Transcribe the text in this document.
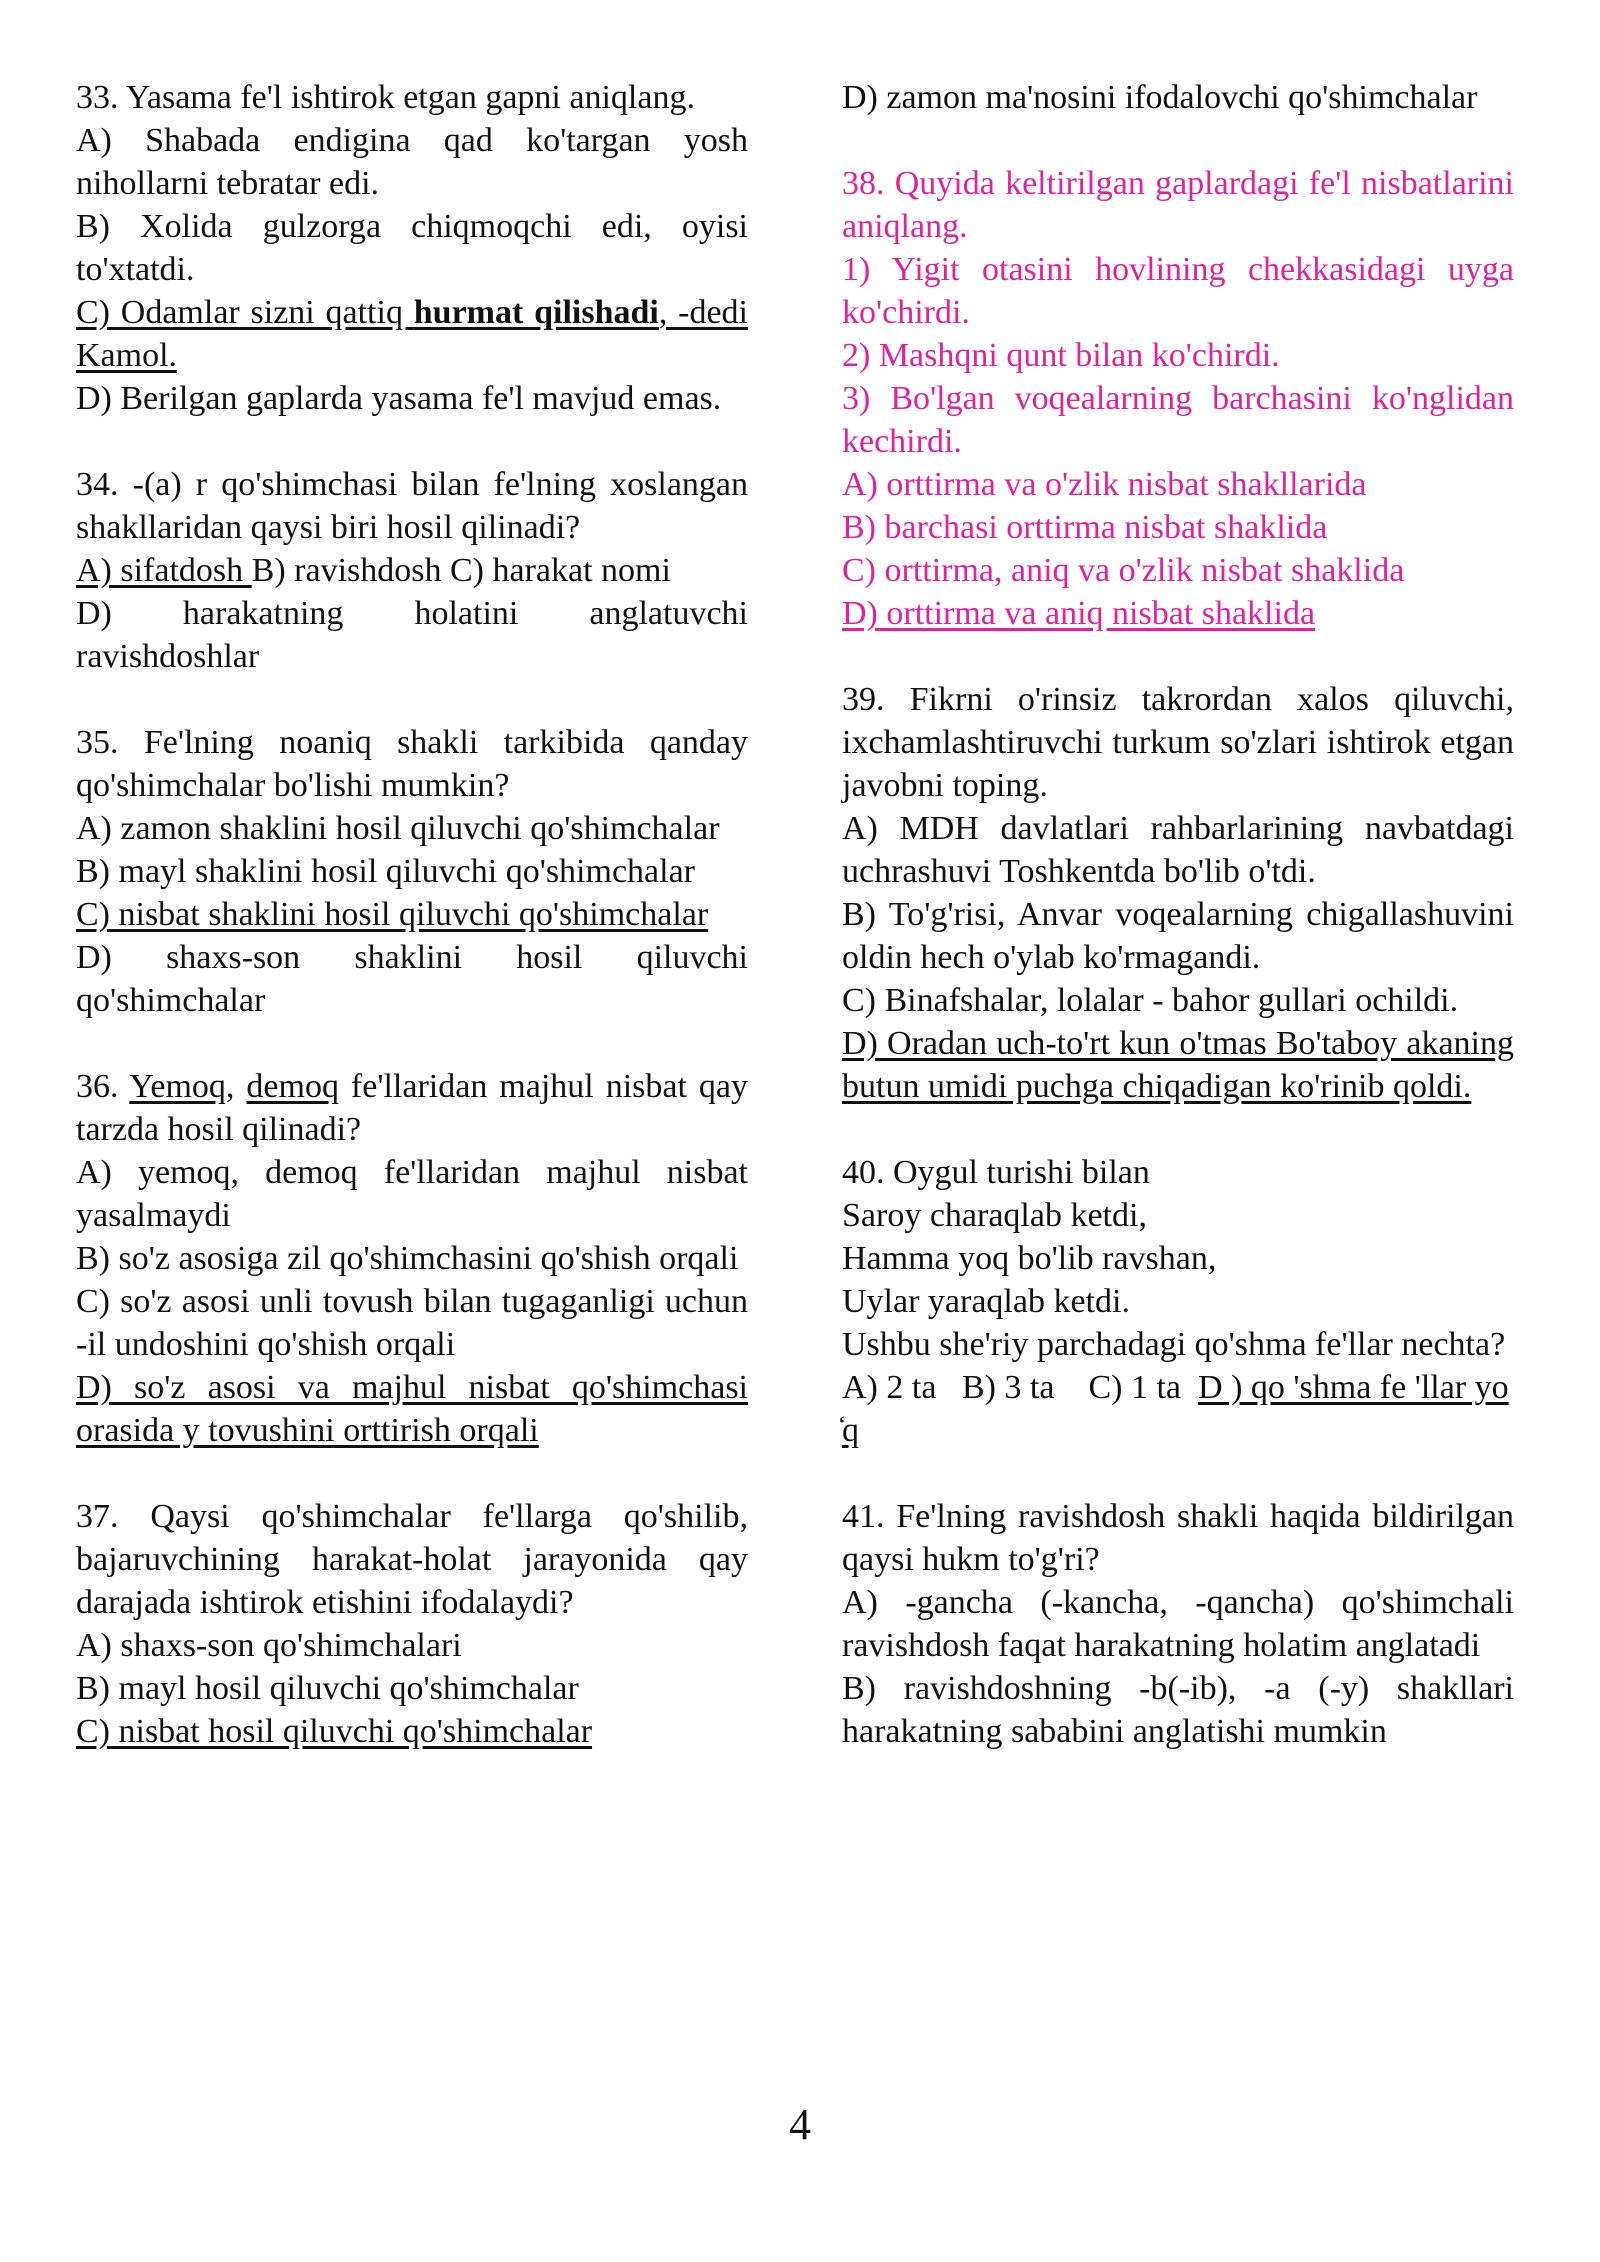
33. Yasama fe'l ishtirok etgan gapni aniqlang.
A) Shabada endigina qad ko'targan yosh nihollarni tebratar edi.
B) Xolida gulzorga chiqmoqchi edi, oyisi to'xtatdi.
C) Odamlar sizni qattiq hurmat qilishadi, -dedi Kamol.
D) Berilgan gaplarda yasama fe'l mavjud emas.
34. -(a) r qo'shimchasi bilan fe'lning xoslangan shakllaridan qaysi biri hosil qilinadi?
A) sifatdosh B) ravishdosh C) harakat nomi
D) harakatning holatini anglatuvchi ravishdoshlar
35. Fe'lning noaniq shakli tarkibida qanday qo'shimchalar bo'lishi mumkin?
A) zamon shaklini hosil qiluvchi qo'shimchalar
B) mayl shaklini hosil qiluvchi qo'shimchalar
C) nisbat shaklini hosil qiluvchi qo'shimchalar
D) shaxs-son shaklini hosil qiluvchi qo'shimchalar
36. Yemoq, demoq fe'llaridan majhul nisbat qay tarzda hosil qilinadi?
A) yemoq, demoq fe'llaridan majhul nisbat yasalmaydi
B) so'z asosiga zil qo'shimchasini qo'shish orqali
C) so'z asosi unli tovush bilan tugaganligi uchun -il undoshini qo'shish orqali
D) so'z asosi va majhul nisbat qo'shimchasi orasida y tovushini orttirish orqali
37. Qaysi qo'shimchalar fe'llarga qo'shilib, bajaruvchining harakat-holat jarayonida qay darajada ishtirok etishini ifodalaydi?
A) shaxs-son qo'shimchalari
B) mayl hosil qiluvchi qo'shimchalar
C) nisbat hosil qiluvchi qo'shimchalar
D) zamon ma'nosini ifodalovchi qo'shimchalar
38. Quyida keltirilgan gaplardagi fe'l nisbatlarini aniqlang.
1) Yigit otasini hovlining chekkasidagi uyga ko'chirdi.
2) Mashqni qunt bilan ko'chirdi.
3) Bo'lgan voqealarning barchasini ko'nglidan kechirdi.
A) orttirma va o'zlik nisbat shakllarida
B) barchasi orttirma nisbat shaklida
C) orttirma, aniq va o'zlik nisbat shaklida
D) orttirma va aniq nisbat shaklida
39. Fikrni o'rinsiz takrordan xalos qiluvchi, ixchamlashtiruvchi turkum so'zlari ishtirok etgan javobni toping.
A) MDH davlatlari rahbarlarining navbatdagi uchrashuvi Toshkentda bo'lib o'tdi.
B) To'g'risi, Anvar voqealarning chigallashuvini oldin hech o'ylab ko'rmagandi.
C) Binafshalar, lolalar - bahor gullari ochildi.
D) Oradan uch-to'rt kun o'tmas Bo'taboy akaning butun umidi puchga chiqadigan ko'rinib qoldi.
40. Oygul turishi bilan
Saroy charaqlab ketdi,
Hamma yoq bo'lib ravshan,
Uylar yaraqlab ketdi.
Ushbu she'riy parchadagi qo'shma fe'llar nechta?
A) 2 ta B) 3 ta C) 1 ta D ) qo 'shma fe 'llar yo ̒q
41. Fe'lning ravishdosh shakli haqida bildirilgan qaysi hukm to'g'ri?
A) -gancha (-kancha, -qancha) qo'shimchali ravishdosh faqat harakatning holatim anglatadi
B) ravishdoshning -b(-ib), -a (-y) shakllari harakatning sababini anglatishi mumkin
4
